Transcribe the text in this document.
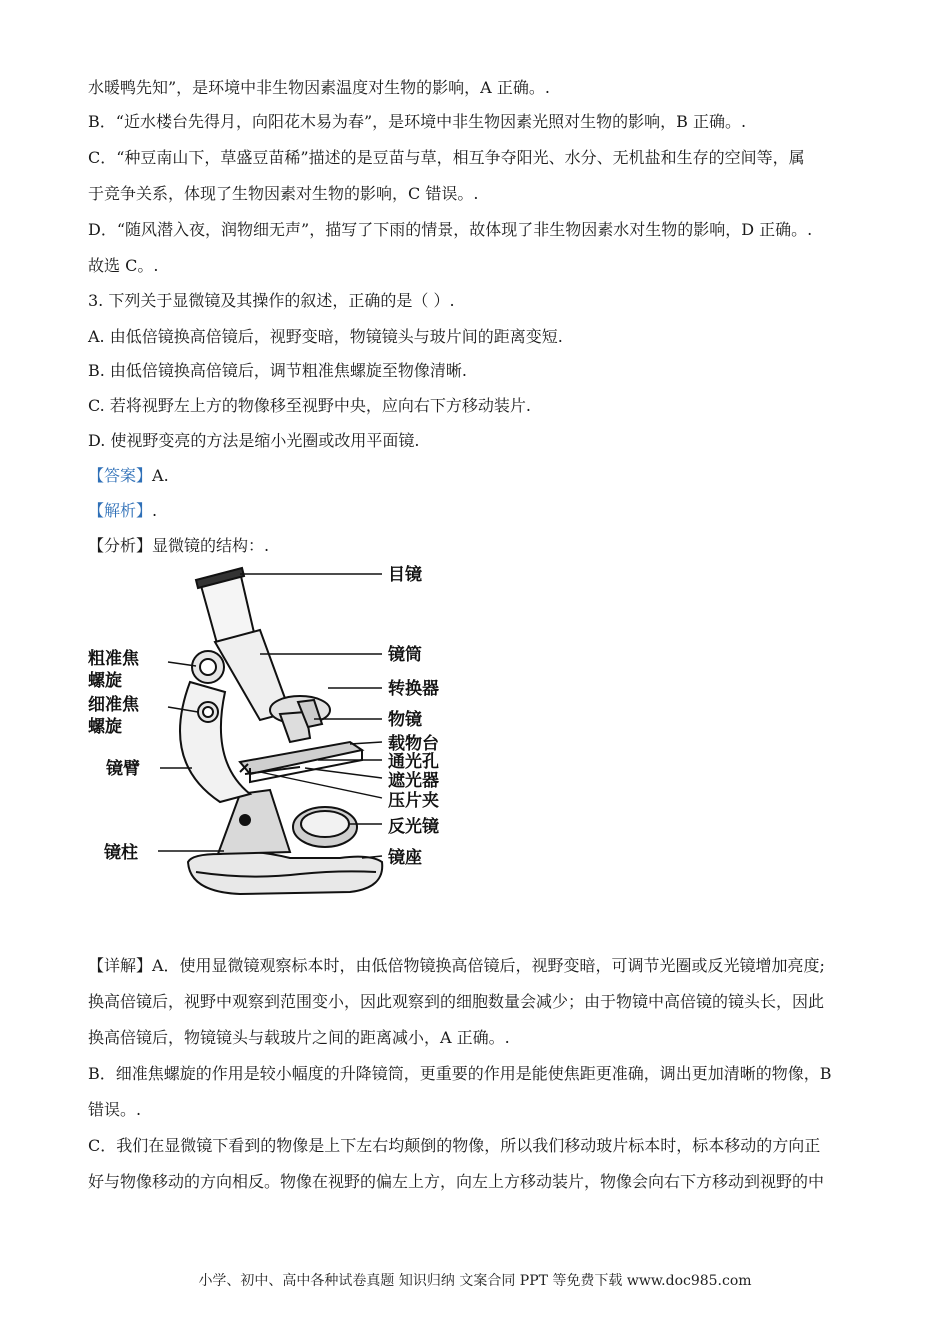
水暖鸭先知”，是环境中非生物因素温度对生物的影响，A 正确。.
B．“近水楼台先得月，向阳花木易为春”，是环境中非生物因素光照对生物的影响，B 正确。.
C．“种豆南山下，草盛豆苗稀”描述的是豆苗与草，相互争夺阳光、水分、无机盐和生存的空间等，属
于竞争关系，体现了生物因素对生物的影响，C 错误。.
D．“随风潜入夜，润物细无声”，描写了下雨的情景，故体现了非生物因素水对生物的影响，D 正确。.
故选 C。.
3. 下列关于显微镜及其操作的叙述，正确的是（ ）.
A. 由低倍镜换高倍镜后，视野变暗，物镜镜头与玻片间的距离变短.
B. 由低倍镜换高倍镜后，调节粗准焦螺旋至物像清晰.
C. 若将视野左上方的物像移至视野中央，应向右下方移动装片.
D. 使视野变亮的方法是缩小光圈或改用平面镜.
【答案】A.
【解析】.
【分析】显微镜的结构：.
目镜
镜筒
转换器
物镜
载物台
通光孔
遮光器
压片夹
反光镜
镜座
粗准焦
螺旋
细准焦
螺旋
镜臂
镜柱
【详解】A．使用显微镜观察标本时，由低倍物镜换高倍镜后，视野变暗，可调节光圈或反光镜增加亮度;
换高倍镜后，视野中观察到范围变小，因此观察到的细胞数量会减少；由于物镜中高倍镜的镜头长，因此
换高倍镜后，物镜镜头与载玻片之间的距离减小，A 正确。.
B．细准焦螺旋的作用是较小幅度的升降镜筒，更重要的作用是能使焦距更准确，调出更加清晰的物像，B
错误。.
C．我们在显微镜下看到的物像是上下左右均颠倒的物像，所以我们移动玻片标本时，标本移动的方向正
好与物像移动的方向相反。物像在视野的偏左上方，向左上方移动装片，物像会向右下方移动到视野的中
小学、初中、高中各种试卷真题 知识归纳 文案合同 PPT 等免费下载 www.doc985.com
